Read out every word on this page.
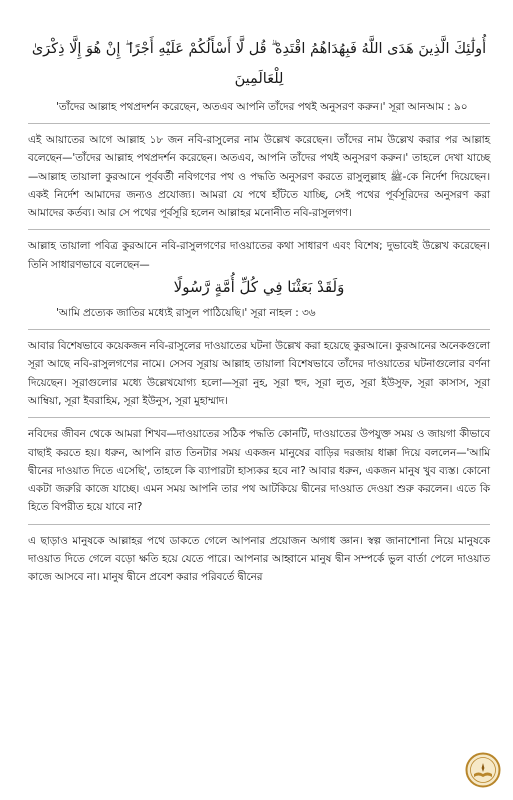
أُولَٰئِكَ الَّذِينَ هَدَى اللَّهُ فَبِهُدَاهُمُ اقْتَدِهْ ۗ قُل لَّا أَسْأَلُكُمْ عَلَيْهِ أَجْرًا ۖ إِنْ هُوَ إِلَّا ذِكْرَىٰ لِلْعَالَمِينَ

'তাঁদের আল্লাহ পথপ্রদর্শন করেছেন, অতএব আপনি তাঁদের পথই অনুসরণ করুন।' সূরা আনআম : ৯০

এই আয়াতের আগে আল্লাহ ১৮ জন নবি-রাসুলের নাম উল্লেখ করেছেন। তাঁদের নাম উল্লেখ করার পর আল্লাহ বলেছেন—'তাঁদের আল্লাহ পথপ্রদর্শন করেছেন। অতএব, আপনি তাঁদের পথই অনুসরণ করুন।' তাহলে দেখা যাচ্ছে—আল্লাহ তায়ালা কুরআনে পূর্ববর্তী নবিগণের পথ ও পদ্ধতি অনুসরণ করতে রাসুলুল্লাহ ﷺ-কে নির্দেশ দিয়েছেন। একই নির্দেশ আমাদের জন্যও প্রযোজ্য। আমরা যে পথে হাঁটতে যাচ্ছি, সেই পথের পূর্বসূরিদের অনুসরণ করা আমাদের কর্তব্য। আর সে পথের পূর্বসূরি হলেন আল্লাহর মনোনীত নবি-রাসুলগণ।

আল্লাহ তায়ালা পবিত্র কুরআনে নবি-রাসুলগণের দাওয়াতের কথা সাধারণ এবং বিশেষ; দুভাবেই উল্লেখ করেছেন। তিনি সাধারণভাবে বলেছেন—

وَلَقَدْ بَعَثْنَا فِي كُلِّ أُمَّةٍ رَّسُولًا

'আমি প্রত্যেক জাতির মধ্যেই রাসুল পাঠিয়েছি।' সূরা নাহল : ৩৬

আবার বিশেষভাবে কয়েকজন নবি-রাসুলের দাওয়াতের ঘটনা উল্লেখ করা হয়েছে কুরআনে। কুরআনের অনেকগুলো সূরা আছে নবি-রাসুলগণের নামে। সেসব সূরায় আল্লাহ তায়ালা বিশেষভাবে তাঁদের দাওয়াতের ঘটনাগুলোর বর্ণনা দিয়েছেন। সূরাগুলোর মধ্যে উল্লেখযোগ্য হলো—সূরা নুহ, সূরা হুদ, সূরা লুত, সূরা ইউসুফ, সূরা কাসাস, সূরা আম্বিয়া, সূরা ইবরাহিম, সূরা ইউনুস, সূরা মুহাম্মাদ।

নবিদের জীবন থেকে আমরা শিখব—দাওয়াতের সঠিক পদ্ধতি কোনটি, দাওয়াতের উপযুক্ত সময় ও জায়গা কীভাবে বাছাই করতে হয়। ধরুন, আপনি রাত তিনটার সময় একজন মানুষের বাড়ির দরজায় ধাক্কা দিয়ে বললেন—'আমি দ্বীনের দাওয়াত দিতে এসেছি', তাহলে কি ব্যাপারটা হাস্যকর হবে না? আবার ধরুন, একজন মানুষ খুব ব্যস্ত। কোনো একটা জরুরি কাজে যাচ্ছে। এমন সময় আপনি তার পথ আটকিয়ে দ্বীনের দাওয়াত দেওয়া শুরু করলেন। এতে কি হিতে বিপরীত হয়ে যাবে না?

এ ছাড়াও মানুষকে আল্লাহর পথে ডাকতে গেলে আপনার প্রয়োজন অগাধ জ্ঞান। স্বল্প জানাশোনা নিয়ে মানুষকে দাওয়াত দিতে গেলে বড়ো ক্ষতি হয়ে যেতে পারে। আপনার আহ্বানে মানুষ দ্বীন সম্পর্কে ভুল বার্তা পেলে দাওয়াত কাজে আসবে না। মানুষ দ্বীনে প্রবেশ করার পরিবর্তে দ্বীনের
